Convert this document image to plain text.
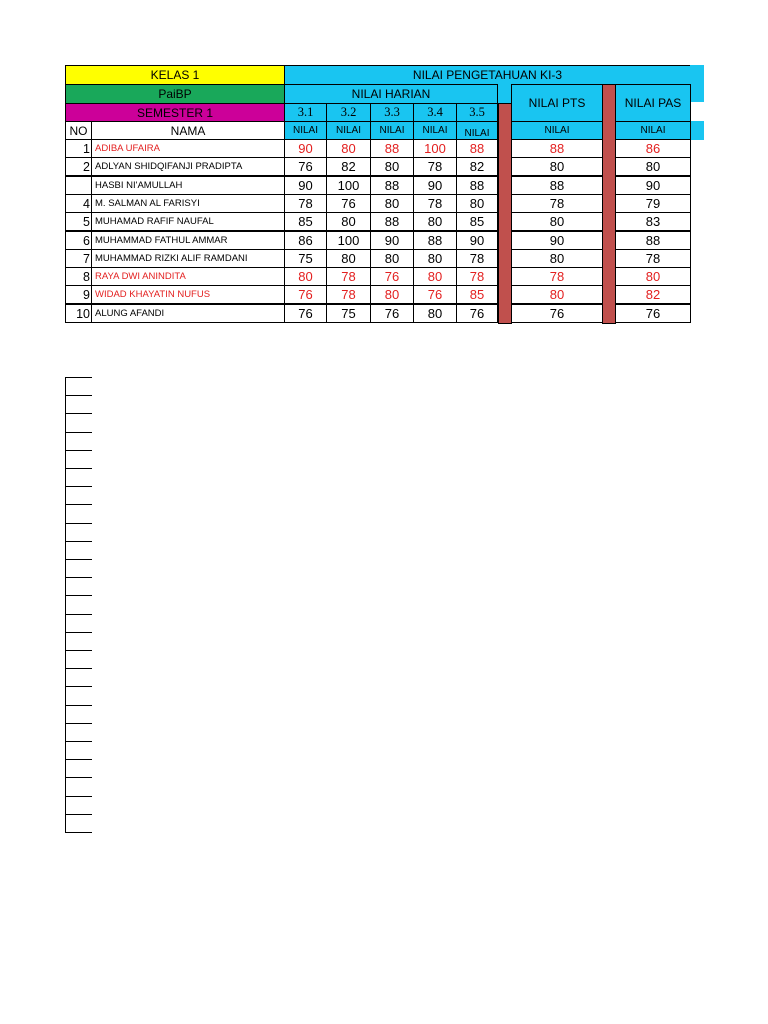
KELAS 1
PaiBP
SEMESTER 1
NILAI PENGETAHUAN KI-3
NILAI HARIAN
NILAI PTS	NILAI PAS
3.1	3.2	3.3	3.4	3.5
NO	NAMA	NILAI	NILAI	NILAI	NILAI	NILAI	NILAI	NILAI
1 ADIBA UFAIRA	90	80	88	100	88	88	86
2 ADLYAN SHIDQIFANJI PRADIPTA	76	82	80	78	82	80	80
HASBI NI'AMULLAH	90	100	88	90	88	88	90
4 M. SALMAN AL FARISYI	78	76	80	78	80	78	79
5 MUHAMAD RAFIF NAUFAL	85	80	88	80	85	80	83
6 MUHAMMAD FATHUL AMMAR	86	100	90	88	90	90	88
7 MUHAMMAD RIZKI ALIF RAMDANI	75	80	80	80	78	80	78
8 RAYA DWI ANINDITA	80	78	76	80	78	78	80
9 WIDAD KHAYATIN NUFUS	76	78	80	76	85	80	82
10 ALUNG AFANDI	76	75	76	80	76	76	76
